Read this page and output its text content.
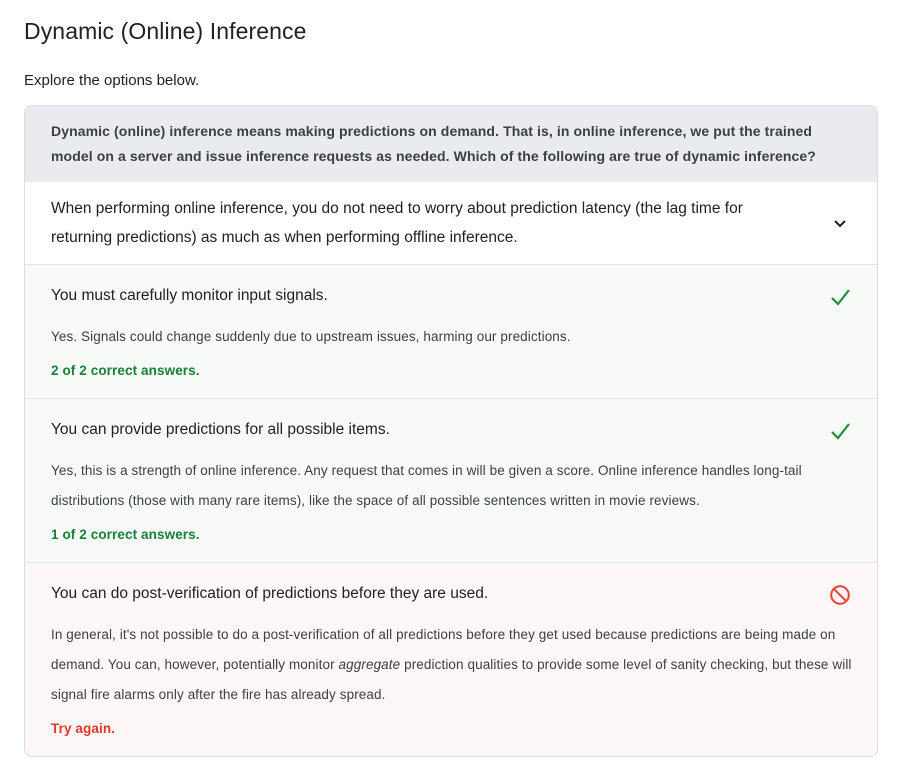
Dynamic (Online) Inference
Explore the options below.
Dynamic (online) inference means making predictions on demand. That is, in online inference, we put the trained model on a server and issue inference requests as needed. Which of the following are true of dynamic inference?
When performing online inference, you do not need to worry about prediction latency (the lag time for returning predictions) as much as when performing offline inference.
You must carefully monitor input signals.
Yes. Signals could change suddenly due to upstream issues, harming our predictions.
2 of 2 correct answers.
You can provide predictions for all possible items.
Yes, this is a strength of online inference. Any request that comes in will be given a score. Online inference handles long-tail distributions (those with many rare items), like the space of all possible sentences written in movie reviews.
1 of 2 correct answers.
You can do post-verification of predictions before they are used.
In general, it's not possible to do a post-verification of all predictions before they get used because predictions are being made on demand. You can, however, potentially monitor aggregate prediction qualities to provide some level of sanity checking, but these will signal fire alarms only after the fire has already spread.
Try again.
